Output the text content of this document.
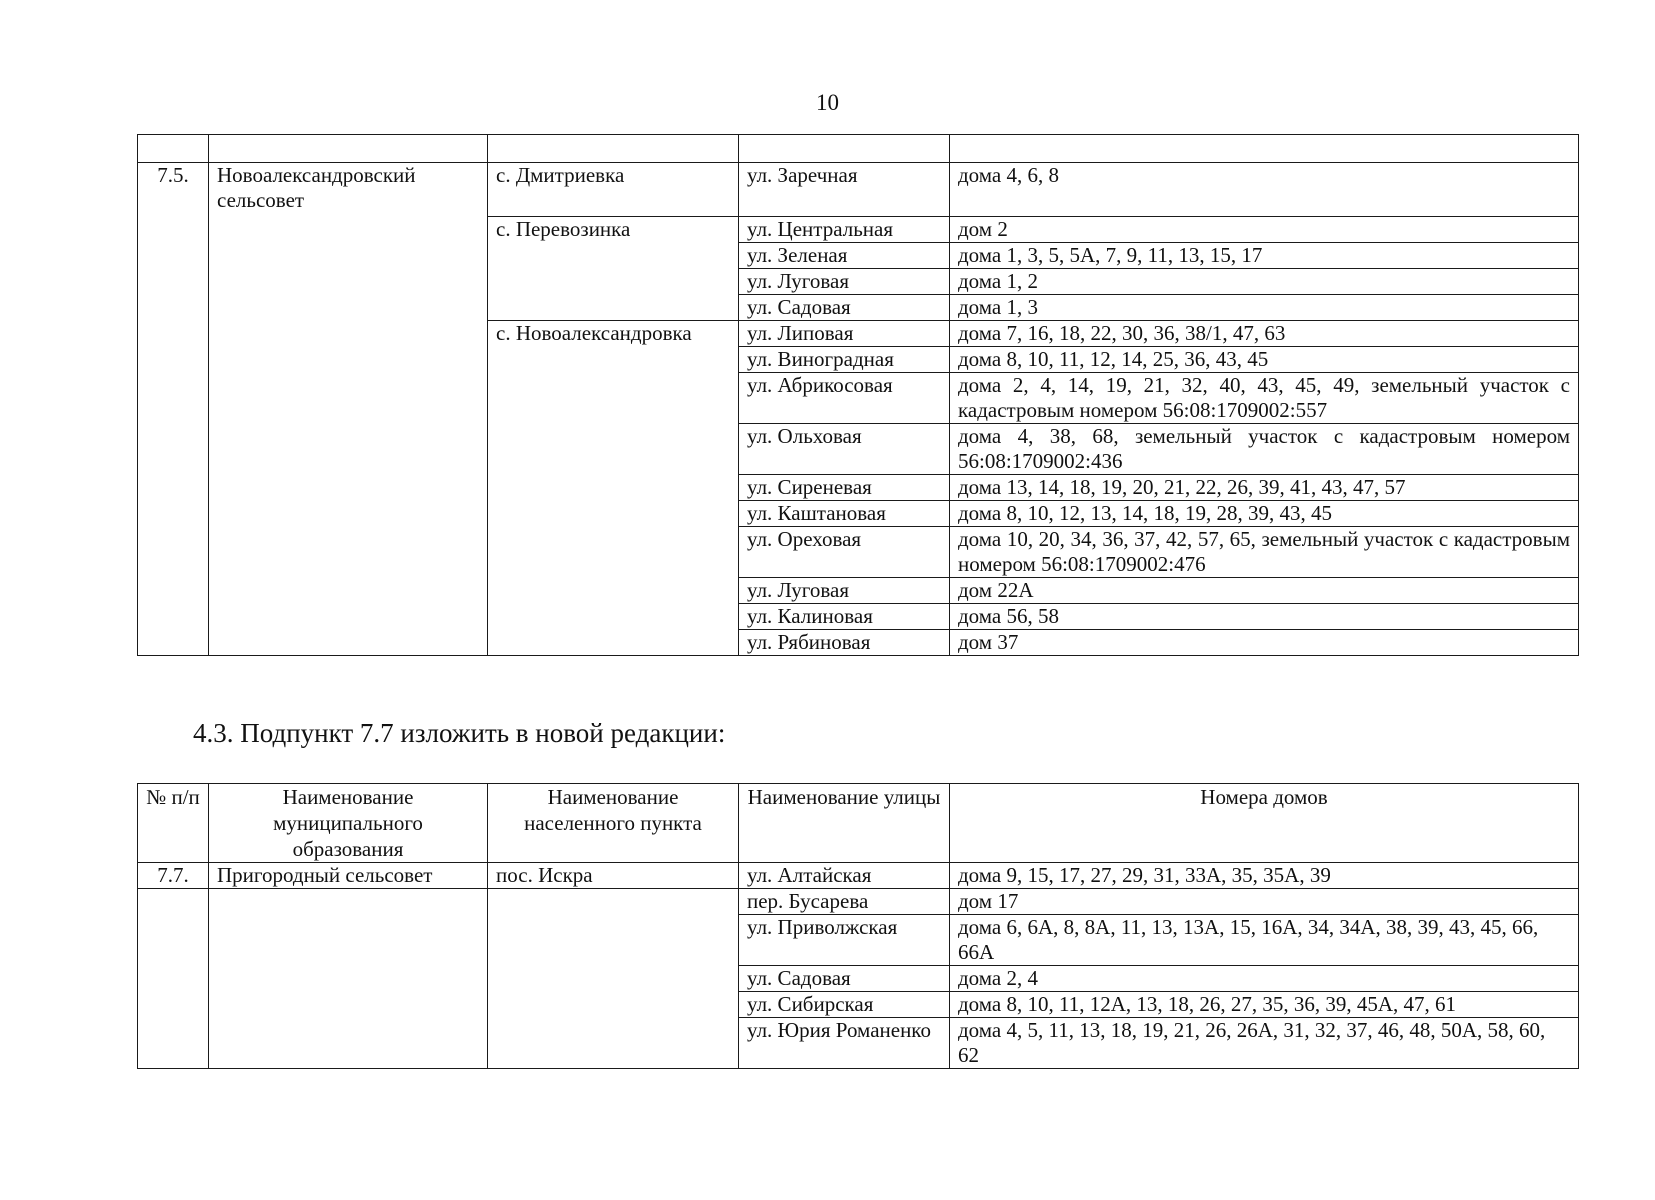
10

7.5.	Новоалександровский сельсовет	с. Дмитриевка	ул. Заречная	дома 4, 6, 8
		с. Перевозинка	ул. Центральная	дом 2
			ул. Зеленая	дома 1, 3, 5, 5А, 7, 9, 11, 13, 15, 17
			ул. Луговая	дома 1, 2
			ул. Садовая	дома 1, 3
		с. Новоалександровка	ул. Липовая	дома 7, 16, 18, 22, 30, 36, 38/1, 47, 63
			ул. Виноградная	дома 8, 10, 11, 12, 14, 25, 36, 43, 45
			ул. Абрикосовая	дома 2, 4, 14, 19, 21, 32, 40, 43, 45, 49, земельный участок с кадастровым номером 56:08:1709002:557
			ул. Ольховая	дома 4, 38, 68, земельный участок с кадастровым номером 56:08:1709002:436
			ул. Сиреневая	дома 13, 14, 18, 19, 20, 21, 22, 26, 39, 41, 43, 47, 57
			ул. Каштановая	дома 8, 10, 12, 13, 14, 18, 19, 28, 39, 43, 45
			ул. Ореховая	дома 10, 20, 34, 36, 37, 42, 57, 65, земельный участок с кадастровым номером 56:08:1709002:476
			ул. Луговая	дом 22А
			ул. Калиновая	дома 56, 58
			ул. Рябиновая	дом 37
4.3. Подпункт 7.7 изложить в новой редакции:
№ п/п	Наименование муниципального образования	Наименование населенного пункта	Наименование улицы	Номера домов
7.7.	Пригородный сельсовет	пос. Искра	ул. Алтайская	дома 9, 15, 17, 27, 29, 31, 33А, 35, 35А, 39
			пер. Бусарева	дом 17
			ул. Приволжская	дома 6, 6А, 8, 8А, 11, 13, 13А, 15, 16А, 34, 34А, 38, 39, 43, 45, 66, 66А
			ул. Садовая	дома 2, 4
			ул. Сибирская	дома 8, 10, 11, 12А, 13, 18, 26, 27, 35, 36, 39, 45А, 47, 61
			ул. Юрия Романенко	дома 4, 5, 11, 13, 18, 19, 21, 26, 26А, 31, 32, 37, 46, 48, 50А, 58, 60, 62
